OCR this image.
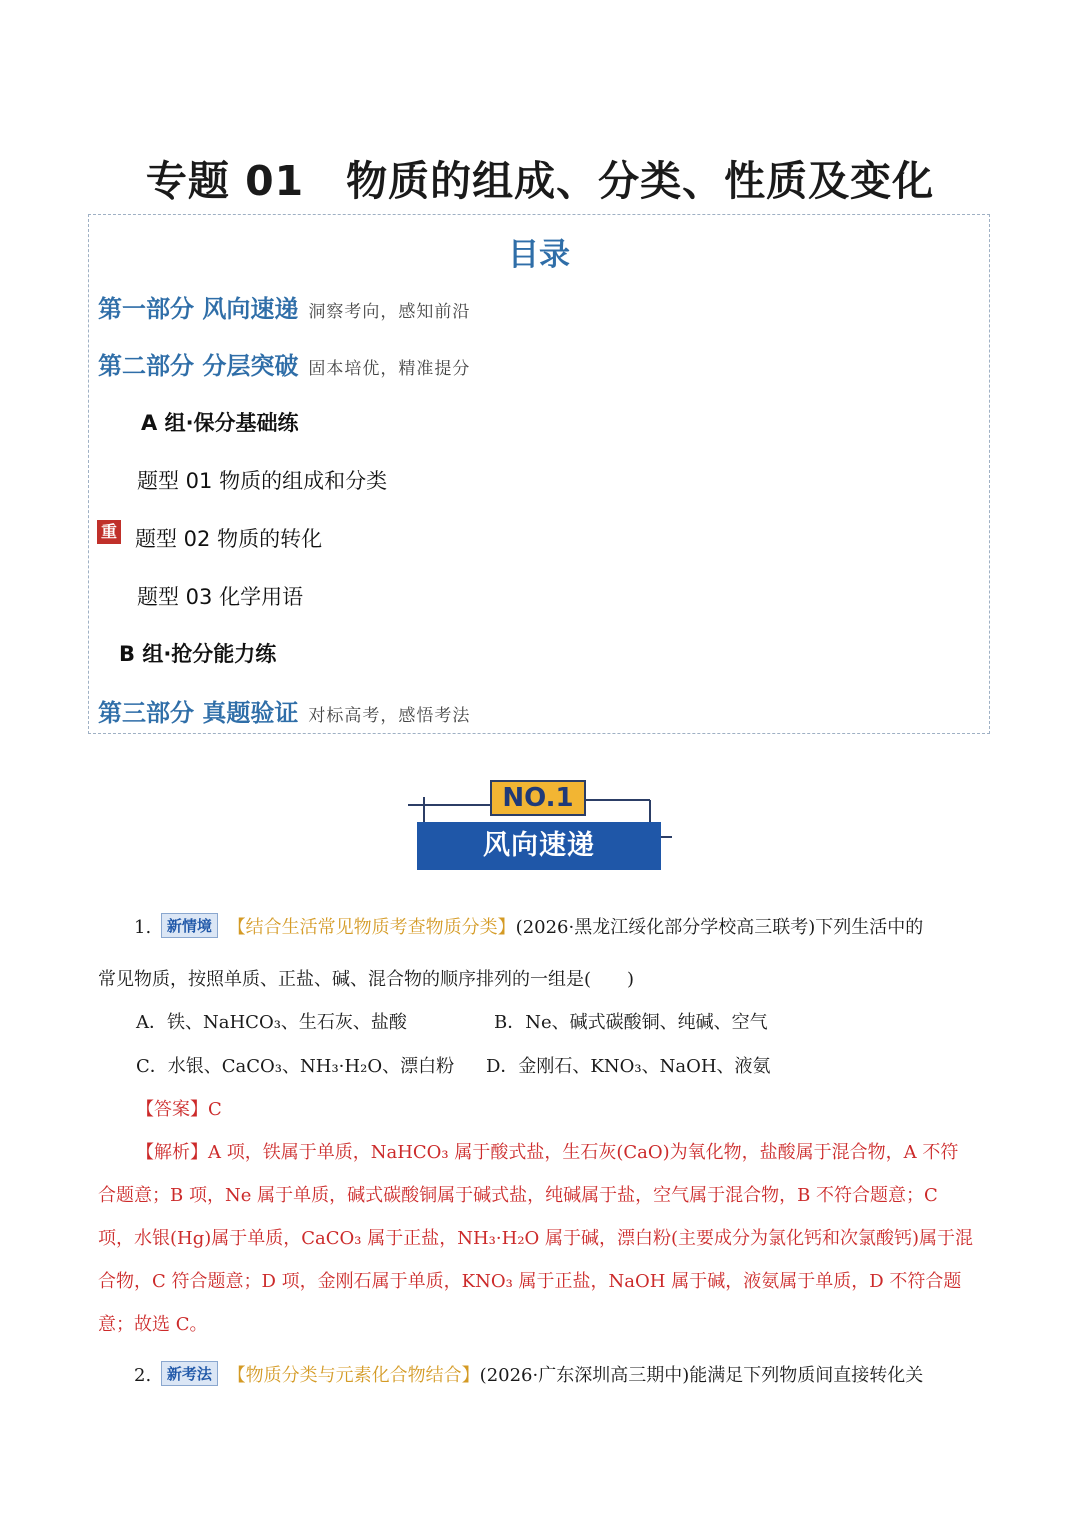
专题 01　物质的组成、分类、性质及变化
目录
第一部分 风向速递 洞察考向，感知前沿
第二部分 分层突破 固本培优，精准提分
A 组·保分基础练
题型 01 物质的组成和分类
重 题型 02 物质的转化
题型 03 化学用语
B 组·抢分能力练
第三部分 真题验证 对标高考，感悟考法
NO.1
风向速递
1. 新情境 【结合生活常见物质考查物质分类】(2026·黑龙江绥化部分学校高三联考)下列生活中的
常见物质，按照单质、正盐、碱、混合物的顺序排列的一组是(　　)
A．铁、NaHCO₃、生石灰、盐酸	B．Ne、碱式碳酸铜、纯碱、空气
C．水银、CaCO₃、NH₃·H₂O、漂白粉 D．金刚石、KNO₃、NaOH、液氨
【答案】C
【解析】A 项，铁属于单质，NaHCO₃ 属于酸式盐，生石灰(CaO)为氧化物，盐酸属于混合物，A 不符
合题意；B 项，Ne 属于单质，碱式碳酸铜属于碱式盐，纯碱属于盐，空气属于混合物，B 不符合题意；C
项，水银(Hg)属于单质，CaCO₃ 属于正盐，NH₃·H₂O 属于碱，漂白粉(主要成分为氯化钙和次氯酸钙)属于混
合物，C 符合题意；D 项，金刚石属于单质，KNO₃ 属于正盐，NaOH 属于碱，液氨属于单质，D 不符合题
意；故选 C。
2. 新考法 【物质分类与元素化合物结合】(2026·广东深圳高三期中)能满足下列物质间直接转化关
